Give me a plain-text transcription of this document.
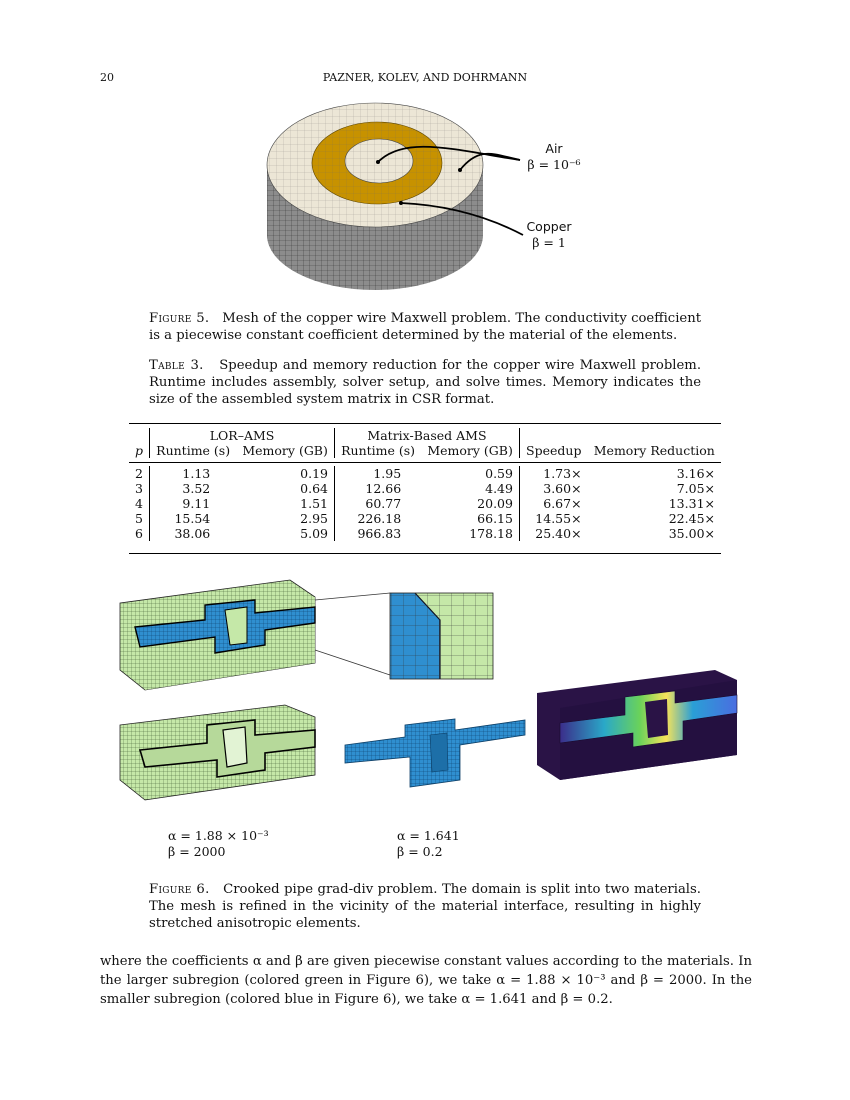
20	PAZNER, KOLEV, AND DOHRMANN
Air
β = 10⁻⁶
Copper
β = 1
Figure 5. Mesh of the copper wire Maxwell problem. The conductivity coefficient is a piecewise constant coefficient determined by the material of the elements.
Table 3. Speedup and memory reduction for the copper wire Maxwell problem. Runtime includes assembly, solver setup, and solve times. Memory indicates the size of the assembled system matrix in CSR format.
	LOR–AMS		Matrix-Based AMS			
p	Runtime (s)	Memory (GB)	Runtime (s)	Memory (GB)	Speedup	Memory Reduction

2	1.13	0.19	1.95	0.59	1.73×	3.16×
3	3.52	0.64	12.66	4.49	3.60×	7.05×
4	9.11	1.51	60.77	20.09	6.67×	13.31×
5	15.54	2.95	226.18	66.15	14.55×	22.45×
6	38.06	5.09	966.83	178.18	25.40×	35.00×
α = 1.88 × 10⁻³
β = 2000
α = 1.641
β = 0.2
Figure 6. Crooked pipe grad-div problem. The domain is split into two materials. The mesh is refined in the vicinity of the material interface, resulting in highly stretched anisotropic elements.
where the coefficients α and β are given piecewise constant values according to the materials. In the larger subregion (colored green in Figure 6), we take α = 1.88 × 10⁻³ and β = 2000. In the smaller subregion (colored blue in Figure 6), we take α = 1.641 and β = 0.2.
